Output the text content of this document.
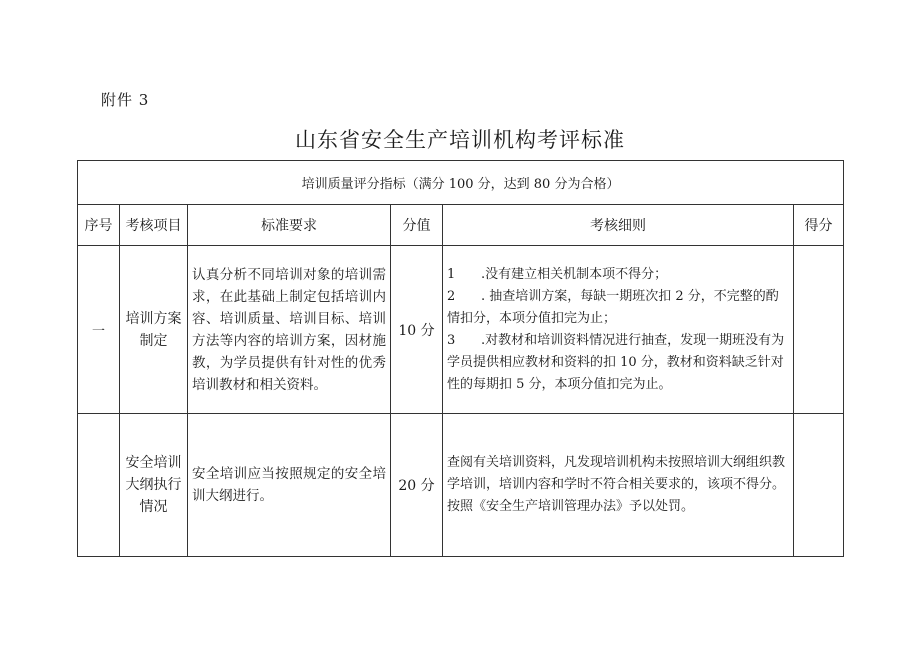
附件 3
山东省安全生产培训机构考评标准
培训质量评分指标（满分 100 分，达到 80 分为合格）					
序号	考核项目	标准要求	分值	考核细则	得分
一	培训方案制定	认真分析不同培训对象的培训需求，在此基础上制定包括培训内容、培训质量、培训目标、培训方法等内容的培训方案，因材施教，为学员提供有针对性的优秀培训教材和相关资料。	10 分	1 .没有建立相关机制本项不得分；
2 . 抽查培训方案，每缺一期班次扣 2 分，不完整的酌情扣分，本项分值扣完为止；
3 .对教材和培训资料情况进行抽查，发现一期班没有为学员提供相应教材和资料的扣 10 分，教材和资料缺乏针对性的每期扣 5 分，本项分值扣完为止。	

	安全培训大纲执行情况	安全培训应当按照规定的安全培训大纲进行。	20 分	查阅有关培训资料，凡发现培训机构未按照培训大纲组织教学培训，培训内容和学时不符合相关要求的，该项不得分。按照《安全生产培训管理办法》予以处罚。	
